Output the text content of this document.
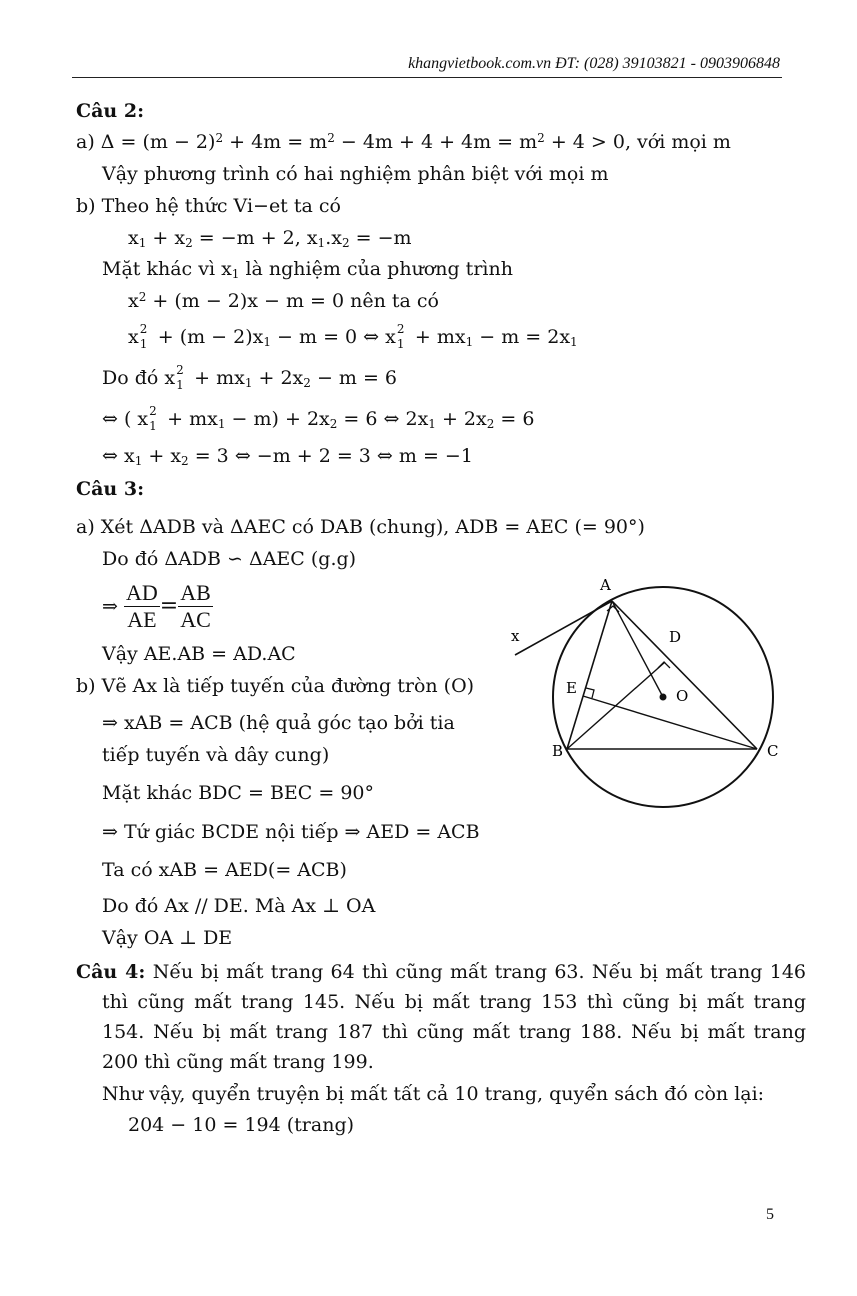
khangvietbook.com.vn ĐT: (028) 39103821 - 0903906848
Câu 2:
a) $\Delta = (m - 2)^2 + 4m = m^2 - 4m + 4 + 4m = m^2 + 4 > 0$, với mọi m
Vậy phương trình có hai nghiệm phân biệt với mọi m
b) Theo hệ thức Vi−et ta có
$x_1 + x_2 = -m + 2$, $x_1.x_2 = -m$
Mặt khác vì $x_1$ là nghiệm của phương trình
$x^2 + (m - 2)x - m = 0$ nên ta có
x 2
$1 + (m - 2)x_1 - m = 0$ ⇔ x 2
$1 + mx_1 - m = 2x_1$
Do đó x 2
$1 + mx_1 + 2x_2 - m = 6$
⇔ ( x 2
$1 + mx_1 - m) + 2x_2 = 6$ ⇔ $2x_1 + 2x_2 = 6$
⇔ $x_1 + x_2 = 3$ ⇔ −m + 2 = 3 ⇔ m = −1
Câu 3:
a) Xét ΔADB và ΔAEC có DAB (chung), ADB = AEC (= 90°)
Do đó ΔADB ∽ ΔAEC (g.g)
⇒ $\frac{AD}{AE} = \frac{AB}{AC}$
Vậy AE.AB = AD.AC
b) Vẽ Ax là tiếp tuyến của đường tròn (O)
⇒ xAB = ACB (hệ quả góc tạo bởi tia
tiếp tuyến và dây cung)
Mặt khác BDC = BEC = 90°
⇒ Tứ giác BCDE nội tiếp ⇒ AED = ACB
Ta có xAB = AED(= ACB)
Do đó Ax // DE. Mà Ax ⊥ OA
Vậy OA ⊥ DE
A
B	C
D
E	O
x
Câu 4: Nếu bị mất trang 64 thì cũng mất trang 63. Nếu bị mất trang 146 thì cũng mất trang 145. Nếu bị mất trang 153 thì cũng bị mất trang 154. Nếu bị mất trang 187 thì cũng mất trang 188. Nếu bị mất trang 200 thì cũng mất trang 199.
Như vậy, quyển truyện bị mất tất cả 10 trang, quyển sách đó còn lại:
204 − 10 = 194 (trang)
5
